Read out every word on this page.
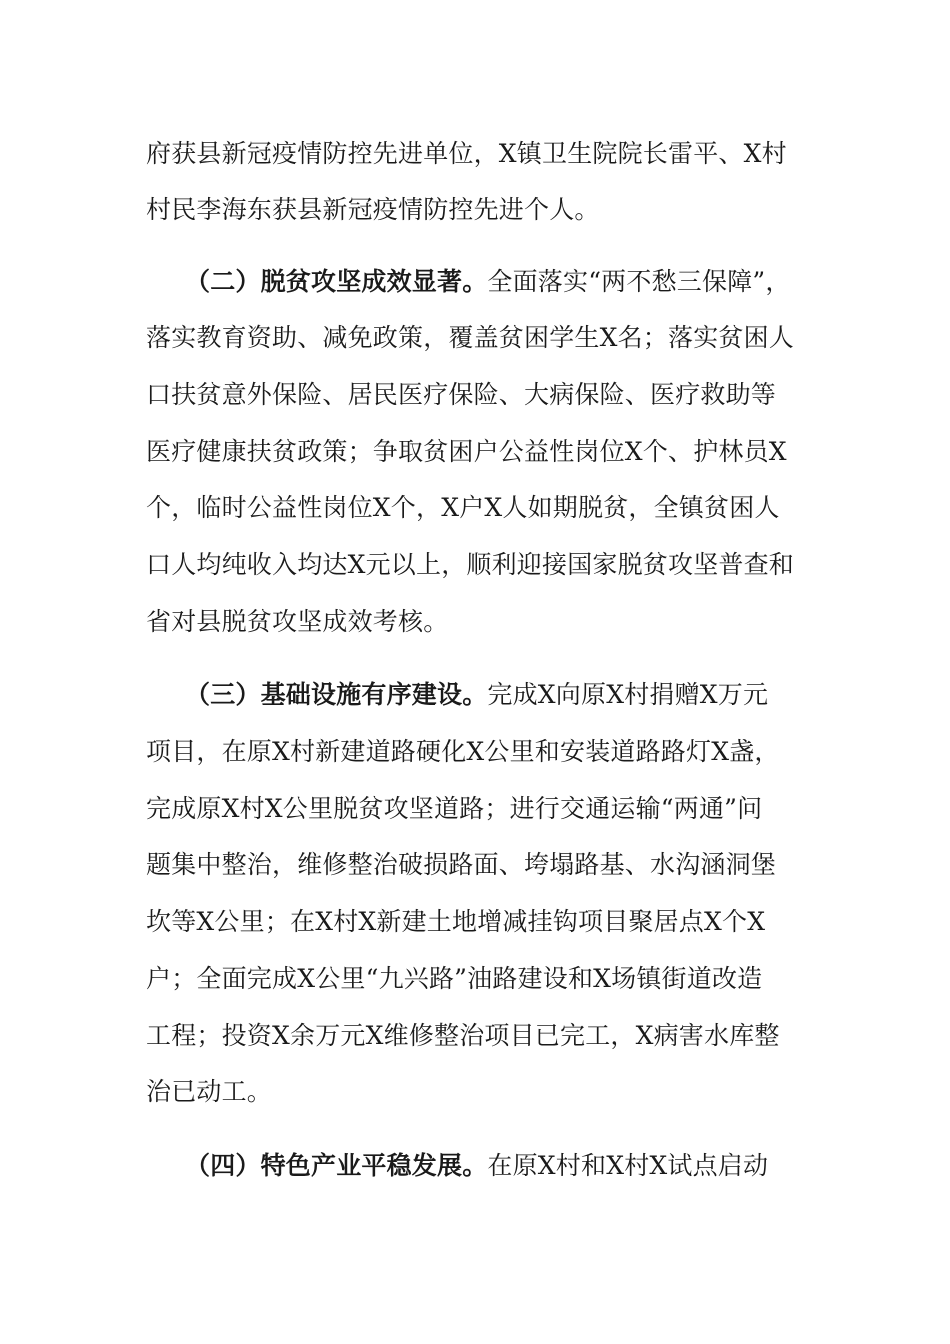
府获县新冠疫情防控先进单位，X镇卫生院院长雷平、X村
村民李海东获县新冠疫情防控先进个人。
（二）脱贫攻坚成效显著。全面落实“两不愁三保障”，
落实教育资助、减免政策，覆盖贫困学生X名；落实贫困人
口扶贫意外保险、居民医疗保险、大病保险、医疗救助等
医疗健康扶贫政策；争取贫困户公益性岗位X个、护林员X
个，临时公益性岗位X个，X户X人如期脱贫，全镇贫困人
口人均纯收入均达X元以上，顺利迎接国家脱贫攻坚普查和
省对县脱贫攻坚成效考核。
（三）基础设施有序建设。完成X向原X村捐赠X万元
项目，在原X村新建道路硬化X公里和安装道路路灯X盏，
完成原X村X公里脱贫攻坚道路；进行交通运输“两通”问
题集中整治，维修整治破损路面、垮塌路基、水沟涵洞堡
坎等X公里；在X村X新建土地增减挂钩项目聚居点X个X
户；全面完成X公里“九兴路”油路建设和X场镇街道改造
工程；投资X余万元X维修整治项目已完工，X病害水库整
治已动工。
（四）特色产业平稳发展。在原X村和X村X试点启动
